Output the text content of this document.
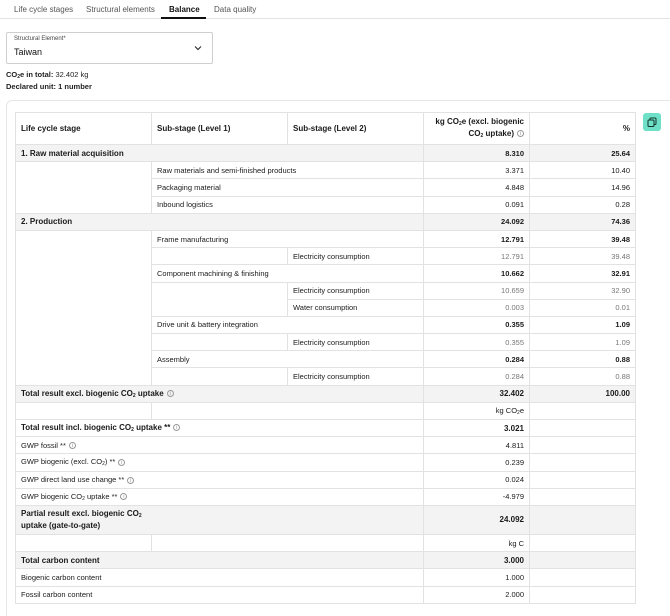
Life cycle stages Structural elements Balance Data quality
Structural Element*
Taiwan
$CO_2e$ in total: 32.402 kg
Declared unit: 1 number
Life cycle stage	Sub-stage (Level 1)	Sub-stage (Level 2)	kg $CO_2e$ (excl. biogenic $CO_2$ uptake) i	%
1. Raw material acquisition			8.310	25.64
	Raw materials and semi-finished products		3.371	10.40
	Packaging material		4.848	14.96
	Inbound logistics		0.091	0.28
2. Production			24.092	74.36
	Frame manufacturing		12.791	39.48
		Electricity consumption	12.791	39.48
	Component machining & finishing		10.662	32.91
		Electricity consumption	10.659	32.90
		Water consumption	0.003	0.01
	Drive unit & battery integration		0.355	1.09
		Electricity consumption	0.355	1.09
	Assembly		0.284	0.88
		Electricity consumption	0.284	0.88
Total result excl. biogenic $CO_2$ uptake i			32.402	100.00
			kg $CO_2e$	
Total result incl. biogenic $CO_2$ uptake ** i			3.021	
GWP fossil ** i			4.811	
GWP biogenic (excl. $CO_2$) ** i			0.239	
GWP direct land use change ** i			0.024	
GWP biogenic $CO_2$ uptake ** i			-4.979	
Partial result excl. biogenic $CO_2$
uptake (gate-to-gate)			24.092	
			kg C	
Total carbon content			3.000	
Biogenic carbon content			1.000	
Fossil carbon content			2.000	
